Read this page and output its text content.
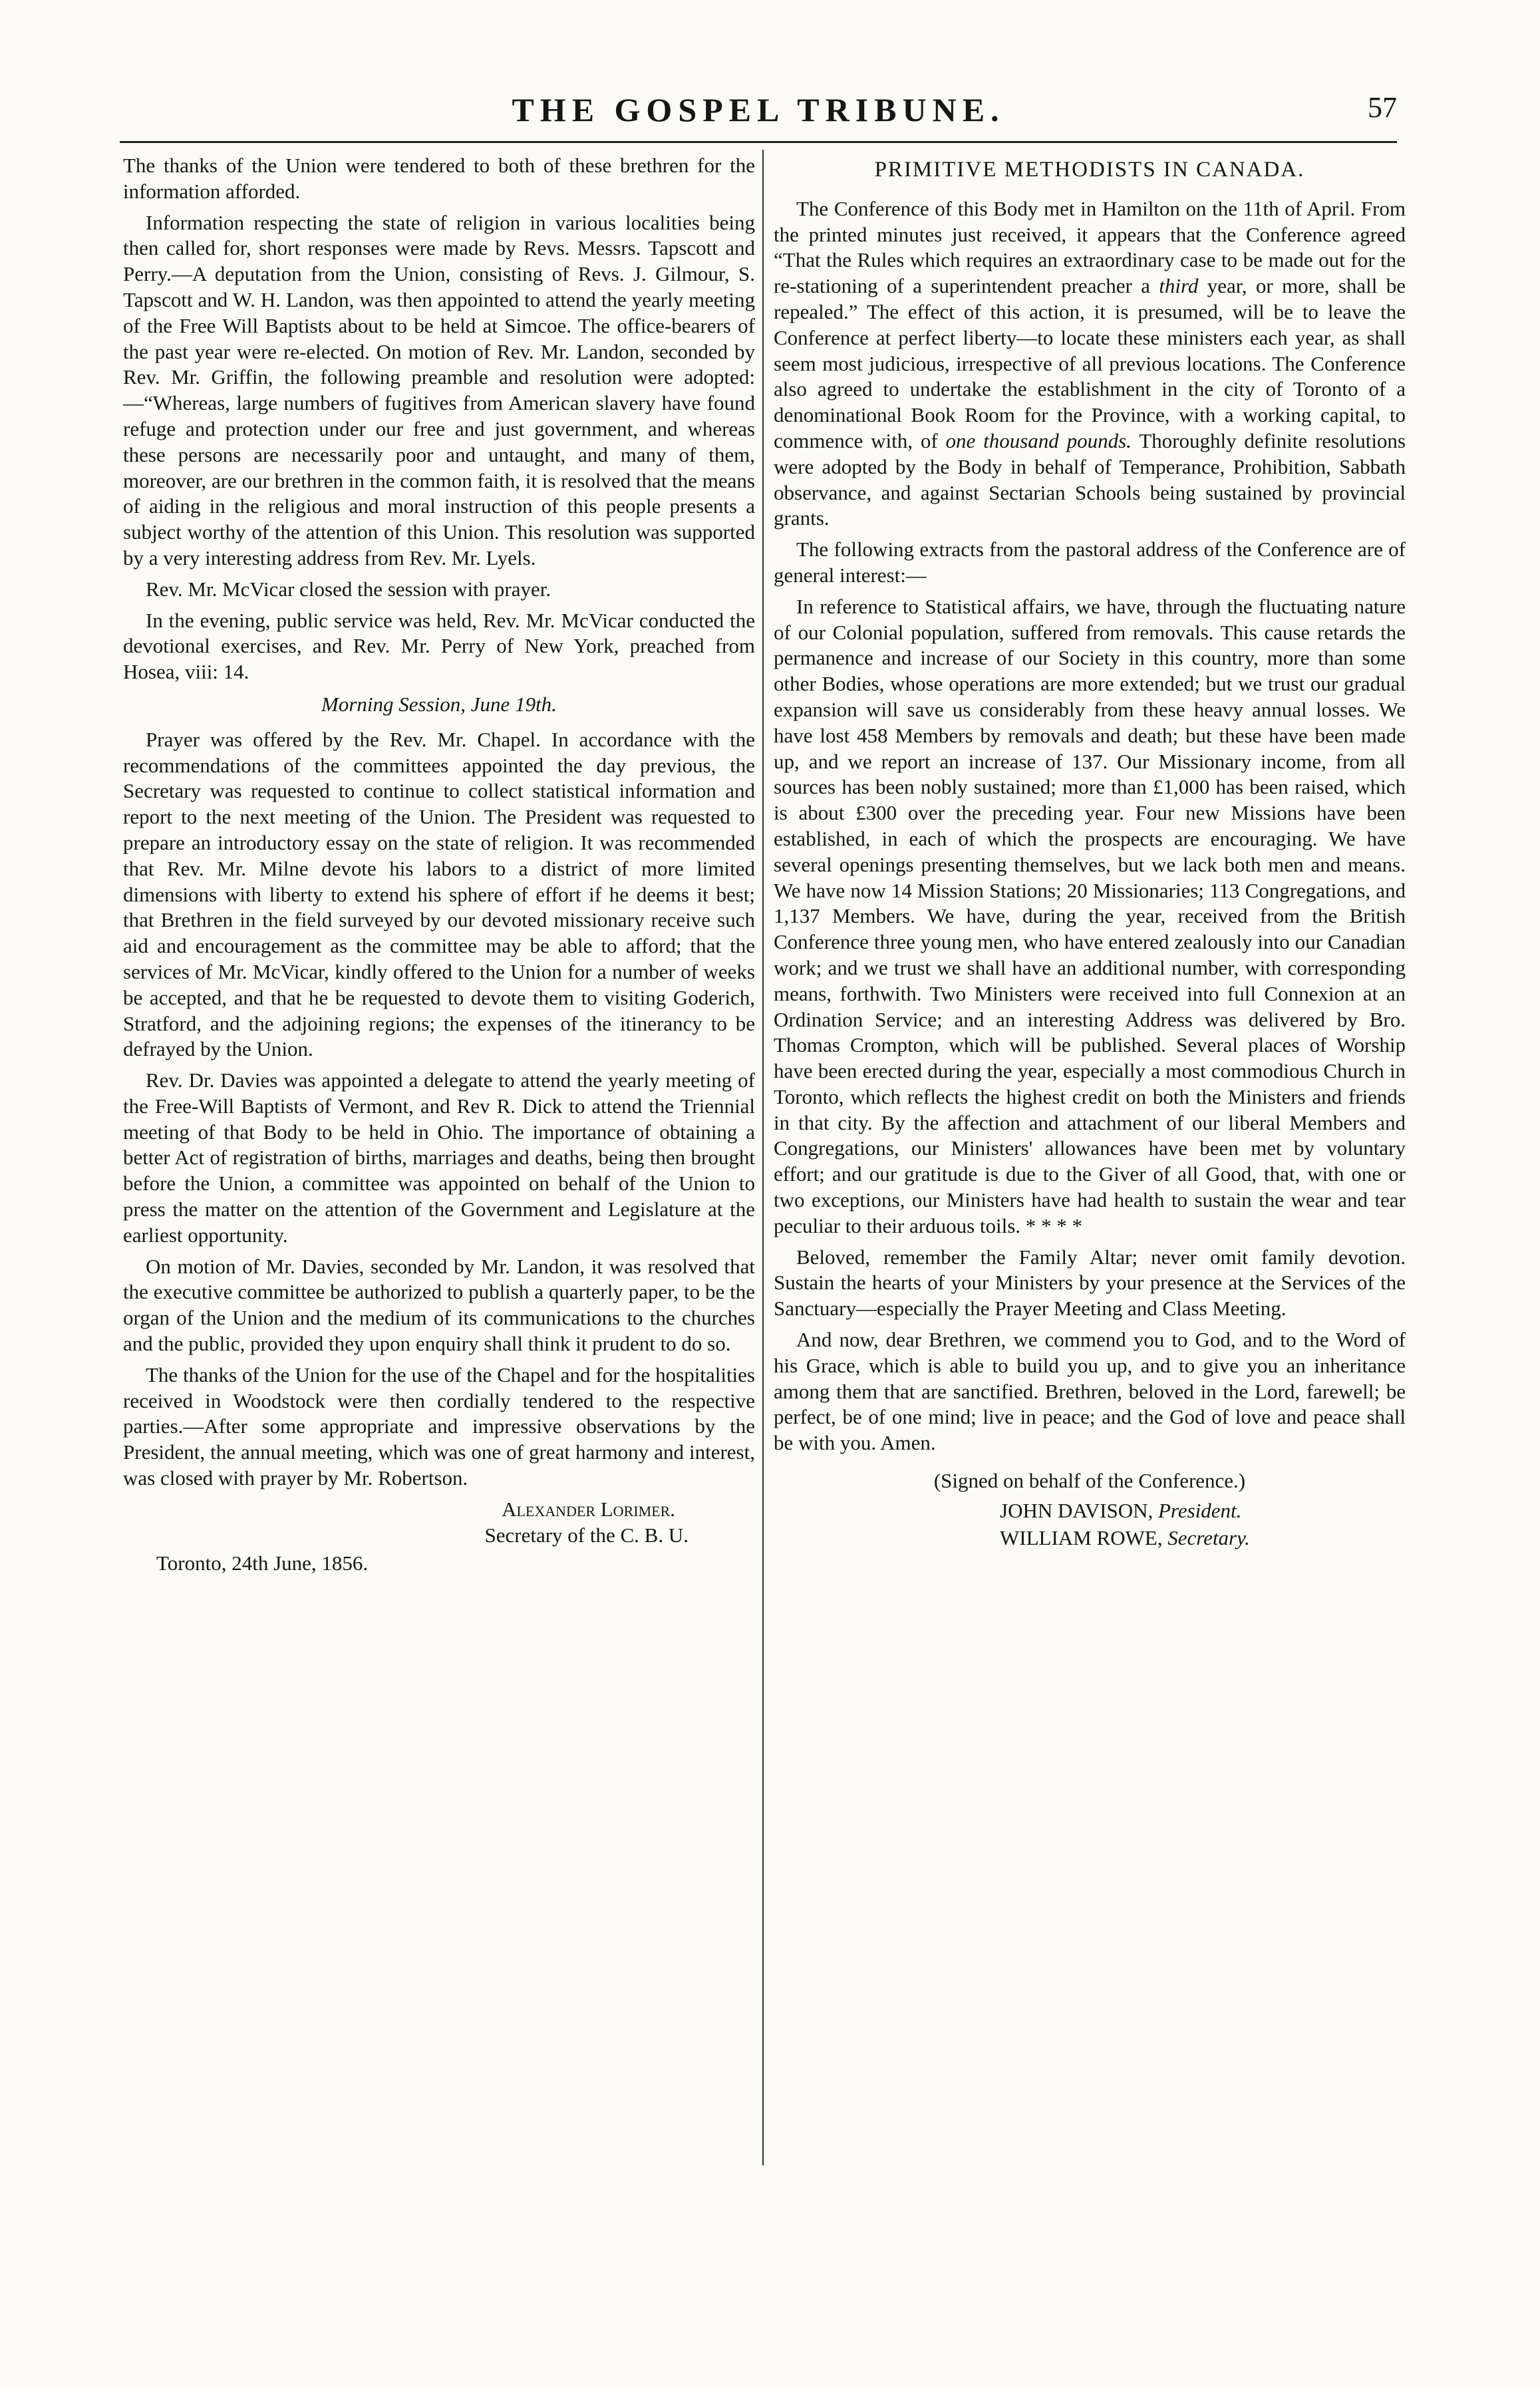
THE GOSPEL TRIBUNE.	57

The thanks of the Union were tendered to both of these brethren for the information afforded.

Information respecting the state of religion in various localities being then called for, short responses were made by Revs. Messrs. Tapscott and Perry.—A deputation from the Union, consisting of Revs. J. Gilmour, S. Tapscott and W. H. Landon, was then appointed to attend the yearly meeting of the Free Will Baptists about to be held at Simcoe. The office-bearers of the past year were re-elected. On motion of Rev. Mr. Landon, seconded by Rev. Mr. Griffin, the following preamble and resolution were adopted:—“Whereas, large numbers of fugitives from American slavery have found refuge and protection under our free and just government, and whereas these persons are necessarily poor and untaught, and many of them, moreover, are our brethren in the common faith, it is resolved that the means of aiding in the religious and moral instruction of this people presents a subject worthy of the attention of this Union. This resolution was supported by a very interesting address from Rev. Mr. Lyels.

Rev. Mr. McVicar closed the session with prayer.

In the evening, public service was held, Rev. Mr. McVicar conducted the devotional exercises, and Rev. Mr. Perry of New York, preached from Hosea, viii: 14.

Morning Session, June 19th.

Prayer was offered by the Rev. Mr. Chapel. In accordance with the recommendations of the committees appointed the day previous, the Secretary was requested to continue to collect statistical information and report to the next meeting of the Union. The President was requested to prepare an introductory essay on the state of religion. It was recommended that Rev. Mr. Milne devote his labors to a district of more limited dimensions with liberty to extend his sphere of effort if he deems it best; that Brethren in the field surveyed by our devoted missionary receive such aid and encouragement as the committee may be able to afford; that the services of Mr. McVicar, kindly offered to the Union for a number of weeks be accepted, and that he be requested to devote them to visiting Goderich, Stratford, and the adjoining regions; the expenses of the itinerancy to be defrayed by the Union.

Rev. Dr. Davies was appointed a delegate to attend the yearly meeting of the Free-Will Baptists of Vermont, and Rev R. Dick to attend the Triennial meeting of that Body to be held in Ohio. The importance of obtaining a better Act of registration of births, marriages and deaths, being then brought before the Union, a committee was appointed on behalf of the Union to press the matter on the attention of the Government and Legislature at the earliest opportunity.

On motion of Mr. Davies, seconded by Mr. Landon, it was resolved that the executive committee be authorized to publish a quarterly paper, to be the organ of the Union and the medium of its communications to the churches and the public, provided they upon enquiry shall think it prudent to do so.

The thanks of the Union for the use of the Chapel and for the hospitalities received in Woodstock were then cordially tendered to the respective parties.—After some appropriate and impressive observations by the President, the annual meeting, which was one of great harmony and interest, was closed with prayer by Mr. Robertson.

Alexander Lorimer.

Secretary of the C. B. U.

Toronto, 24th June, 1856.

PRIMITIVE METHODISTS IN CANADA.

The Conference of this Body met in Hamilton on the 11th of April. From the printed minutes just received, it appears that the Conference agreed “That the Rules which requires an extraordinary case to be made out for the re-stationing of a superintendent preacher a third year, or more, shall be repealed.” The effect of this action, it is presumed, will be to leave the Conference at perfect liberty—to locate these ministers each year, as shall seem most judicious, irrespective of all previous locations. The Conference also agreed to undertake the establishment in the city of Toronto of a denominational Book Room for the Province, with a working capital, to commence with, of one thousand pounds. Thoroughly definite resolutions were adopted by the Body in behalf of Temperance, Prohibition, Sabbath observance, and against Sectarian Schools being sustained by provincial grants.

The following extracts from the pastoral address of the Conference are of general interest:—

In reference to Statistical affairs, we have, through the fluctuating nature of our Colonial population, suffered from removals. This cause retards the permanence and increase of our Society in this country, more than some other Bodies, whose operations are more extended; but we trust our gradual expansion will save us considerably from these heavy annual losses. We have lost 458 Members by removals and death; but these have been made up, and we report an increase of 137. Our Missionary income, from all sources has been nobly sustained; more than £1,000 has been raised, which is about £300 over the preceding year. Four new Missions have been established, in each of which the prospects are encouraging. We have several openings presenting themselves, but we lack both men and means. We have now 14 Mission Stations; 20 Missionaries; 113 Congregations, and 1,137 Members. We have, during the year, received from the British Conference three young men, who have entered zealously into our Canadian work; and we trust we shall have an additional number, with corresponding means, forthwith. Two Ministers were received into full Connexion at an Ordination Service; and an interesting Address was delivered by Bro. Thomas Crompton, which will be published. Several places of Worship have been erected during the year, especially a most commodious Church in Toronto, which reflects the highest credit on both the Ministers and friends in that city. By the affection and attachment of our liberal Members and Congregations, our Ministers' allowances have been met by voluntary effort; and our gratitude is due to the Giver of all Good, that, with one or two exceptions, our Ministers have had health to sustain the wear and tear peculiar to their arduous toils. * * * *

Beloved, remember the Family Altar; never omit family devotion. Sustain the hearts of your Ministers by your presence at the Services of the Sanctuary—especially the Prayer Meeting and Class Meeting.

And now, dear Brethren, we commend you to God, and to the Word of his Grace, which is able to build you up, and to give you an inheritance among them that are sanctified. Brethren, beloved in the Lord, farewell; be perfect, be of one mind; live in peace; and the God of love and peace shall be with you. Amen.

(Signed on behalf of the Conference.)

JOHN DAVISON, President.

WILLIAM ROWE, Secretary.
